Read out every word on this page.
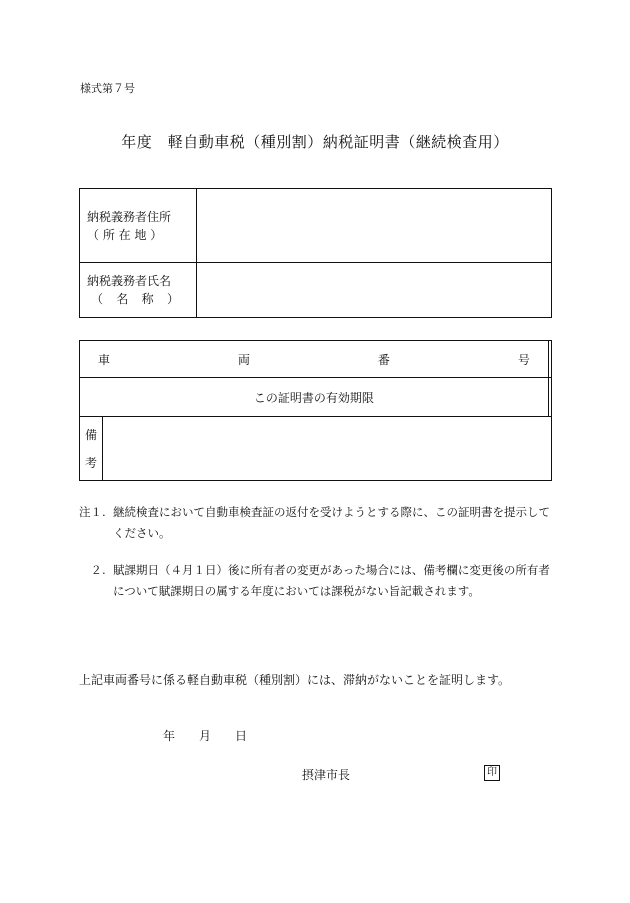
様式第７号
年度　軽自動車税（種別割）納税証明書（継続検査用）
納税義務者住所
（ 所 在 地 ）	

納税義務者氏名
（ 名 称 ）	

車 両 番 号		

この証明書の有効期限		

備
考		

注１. 継続検査において自動車検査証の返付を受けようとする際に、この証明書を提示してください。
　２. 賦課期日（４月１日）後に所有者の変更があった場合には、備考欄に変更後の所有者について賦課期日の属する年度においては課税がない旨記載されます。
上記車両番号に係る軽自動車税（種別割）には、滞納がないことを証明します。
年 月 日
摂津市長	印
